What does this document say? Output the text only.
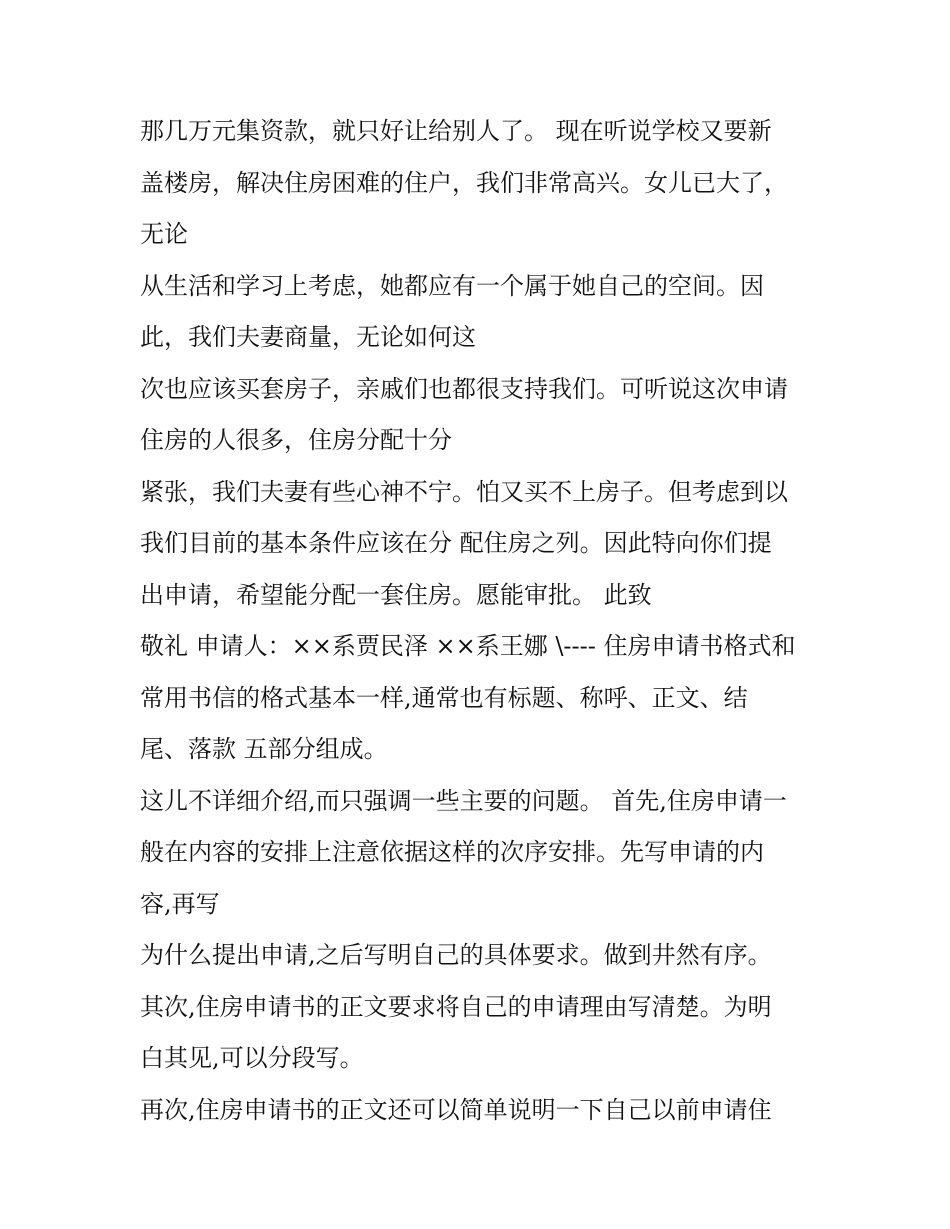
那几万元集资款，就只好让给别人了。 现在听说学校又要新
盖楼房，解决住房困难的住户，我们非常高兴。女儿已大了，
无论
从生活和学习上考虑，她都应有一个属于她自己的空间。因
此，我们夫妻商量，无论如何这
次也应该买套房子，亲戚们也都很支持我们。可听说这次申请
住房的人很多，住房分配十分
紧张，我们夫妻有些心神不宁。怕又买不上房子。但考虑到以
我们目前的基本条件应该在分 配住房之列。因此特向你们提
出申请，希望能分配一套住房。愿能审批。 此致
敬礼 申请人：××系贾民泽 ××系王娜 \---- 住房申请书格式和
常用书信的格式基本一样,通常也有标题、称呼、正文、结
尾、落款 五部分组成。
这儿不详细介绍,而只强调一些主要的问题。 首先,住房申请一
般在内容的安排上注意依据这样的次序安排。先写申请的内
容,再写
为什么提出申请,之后写明自己的具体要求。做到井然有序。
其次,住房申请书的正文要求将自己的申请理由写清楚。为明
白其见,可以分段写。
再次,住房申请书的正文还可以简单说明一下自己以前申请住
